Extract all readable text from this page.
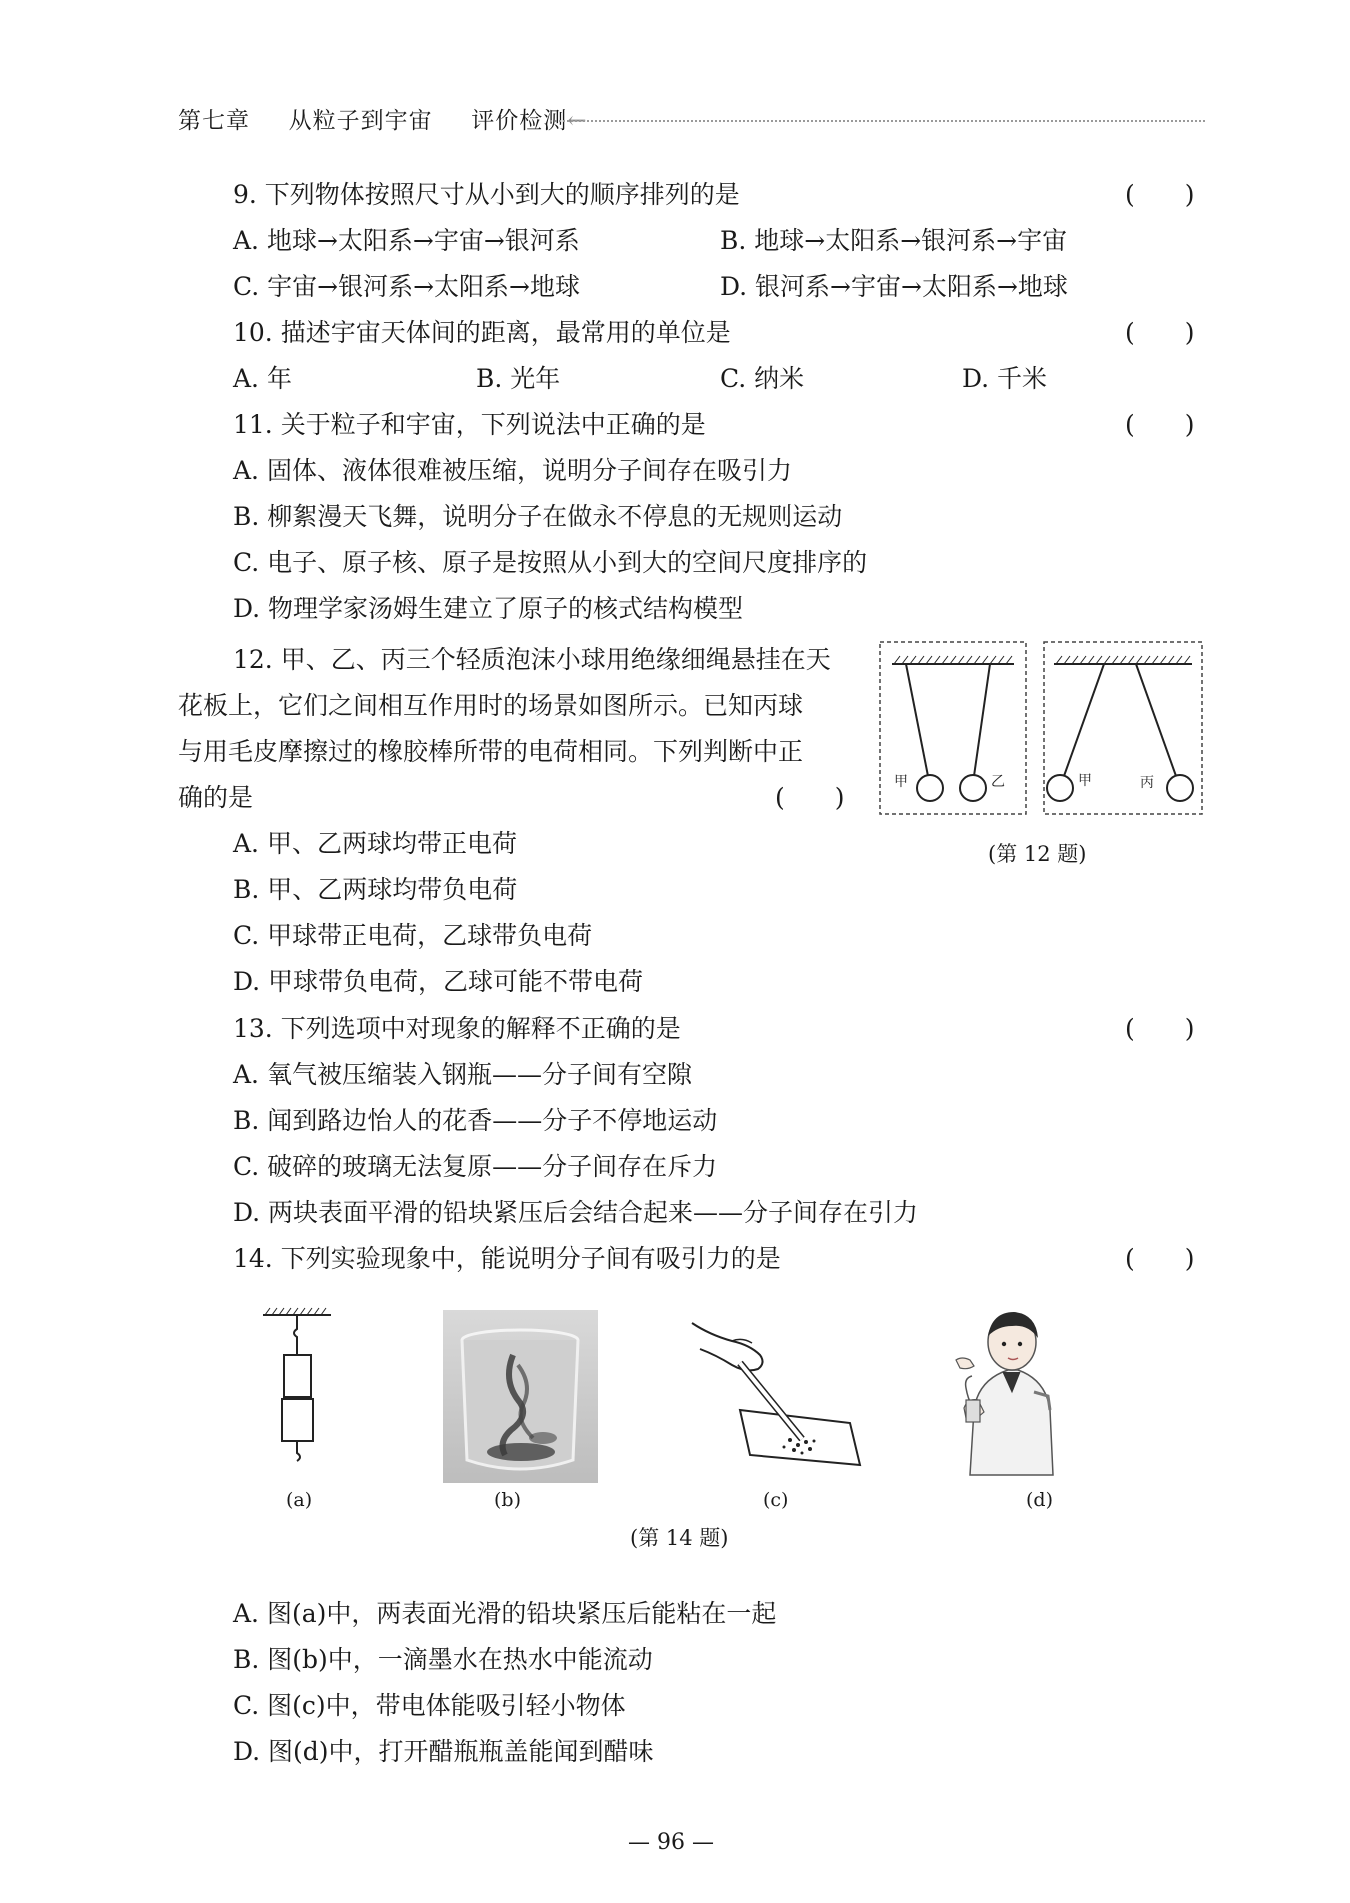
第七章 从粒子到宇宙 评价检测←
9. 下列物体按照尺寸从小到大的顺序排列的是	(　　)
A. 地球→太阳系→宇宙→银河系	B. 地球→太阳系→银河系→宇宙
C. 宇宙→银河系→太阳系→地球	D. 银河系→宇宙→太阳系→地球
10. 描述宇宙天体间的距离，最常用的单位是	(　　)
A. 年	B. 光年	C. 纳米	D. 千米
11. 关于粒子和宇宙，下列说法中正确的是	(　　)
A. 固体、液体很难被压缩，说明分子间存在吸引力
B. 柳絮漫天飞舞，说明分子在做永不停息的无规则运动
C. 电子、原子核、原子是按照从小到大的空间尺度排序的
D. 物理学家汤姆生建立了原子的核式结构模型
12. 甲、乙、丙三个轻质泡沫小球用绝缘细绳悬挂在天
花板上，它们之间相互作用时的场景如图所示。已知丙球
与用毛皮摩擦过的橡胶棒所带的电荷相同。下列判断中正
确的是	(　　)
A. 甲、乙两球均带正电荷
B. 甲、乙两球均带负电荷
C. 甲球带正电荷，乙球带负电荷
D. 甲球带负电荷，乙球可能不带电荷
甲	乙	甲	丙
(第 12 题)
13. 下列选项中对现象的解释不正确的是	(　　)
A. 氧气被压缩装入钢瓶——分子间有空隙
B. 闻到路边怡人的花香——分子不停地运动
C. 破碎的玻璃无法复原——分子间存在斥力
D. 两块表面平滑的铅块紧压后会结合起来——分子间存在引力
14. 下列实验现象中，能说明分子间有吸引力的是	(　　)
(a)	(b)	(c)	(d)
(第 14 题)
A. 图(a)中，两表面光滑的铅块紧压后能粘在一起
B. 图(b)中，一滴墨水在热水中能流动
C. 图(c)中，带电体能吸引轻小物体
D. 图(d)中，打开醋瓶瓶盖能闻到醋味
— 96 —
